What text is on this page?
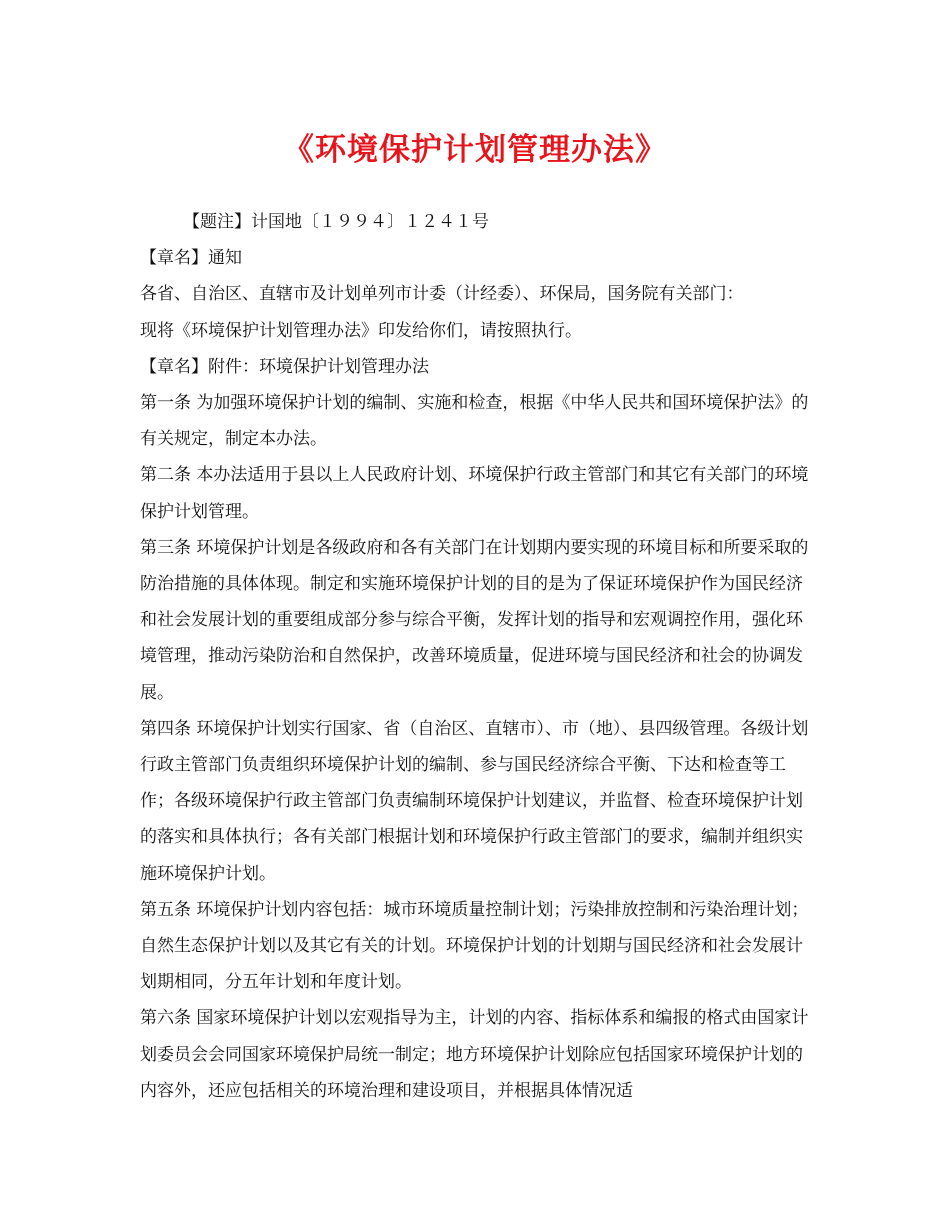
《环境保护计划管理办法》

【题注】计国地〔１９９４〕１２４１号

【章名】通知

各省、自治区、直辖市及计划单列市计委（计经委）、环保局，国务院有关部门：

现将《环境保护计划管理办法》印发给你们，请按照执行。

【章名】附件：环境保护计划管理办法

第一条 为加强环境保护计划的编制、实施和检查，根据《中华人民共和国环境保护法》的有关规定，制定本办法。

第二条 本办法适用于县以上人民政府计划、环境保护行政主管部门和其它有关部门的环境保护计划管理。

第三条 环境保护计划是各级政府和各有关部门在计划期内要实现的环境目标和所要采取的防治措施的具体体现。制定和实施环境保护计划的目的是为了保证环境保护作为国民经济和社会发展计划的重要组成部分参与综合平衡，发挥计划的指导和宏观调控作用，强化环境管理，推动污染防治和自然保护，改善环境质量，促进环境与国民经济和社会的协调发展。

第四条 环境保护计划实行国家、省（自治区、直辖市）、市（地）、县四级管理。各级计划行政主管部门负责组织环境保护计划的编制、参与国民经济综合平衡、下达和检查等工作；各级环境保护行政主管部门负责编制环境保护计划建议，并监督、检查环境保护计划的落实和具体执行；各有关部门根据计划和环境保护行政主管部门的要求，编制并组织实施环境保护计划。

第五条 环境保护计划内容包括：城市环境质量控制计划；污染排放控制和污染治理计划；自然生态保护计划以及其它有关的计划。环境保护计划的计划期与国民经济和社会发展计划期相同，分五年计划和年度计划。

第六条 国家环境保护计划以宏观指导为主，计划的内容、指标体系和编报的格式由国家计划委员会会同国家环境保护局统一制定；地方环境保护计划除应包括国家环境保护计划的内容外，还应包括相关的环境治理和建设项目，并根据具体情况适
